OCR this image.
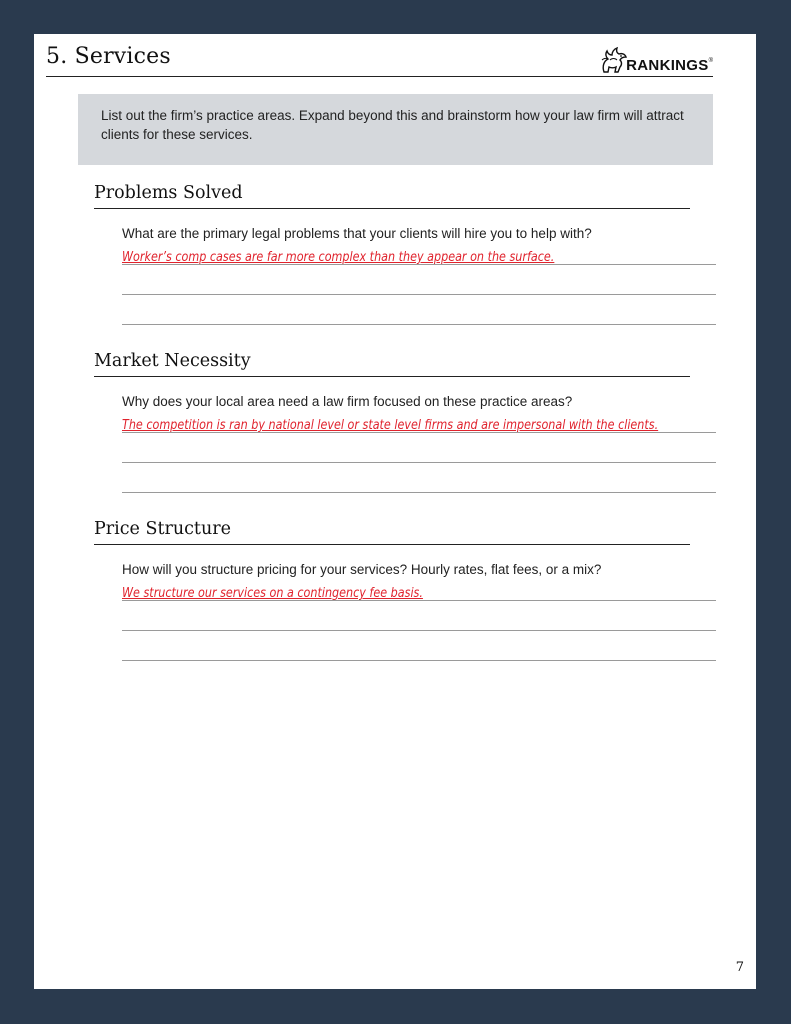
5. Services	RANKINGS ®
List out the firm’s practice areas. Expand beyond this and brainstorm how your law firm will attract clients for these services.
Problems Solved
What are the primary legal problems that your clients will hire you to help with?
Worker’s comp cases are far more complex than they appear on the surface.
Market Necessity
Why does your local area need a law firm focused on these practice areas?
The competition is ran by national level or state level firms and are impersonal with the clients.
Price Structure
How will you structure pricing for your services? Hourly rates, flat fees, or a mix?
We structure our services on a contingency fee basis.
7
